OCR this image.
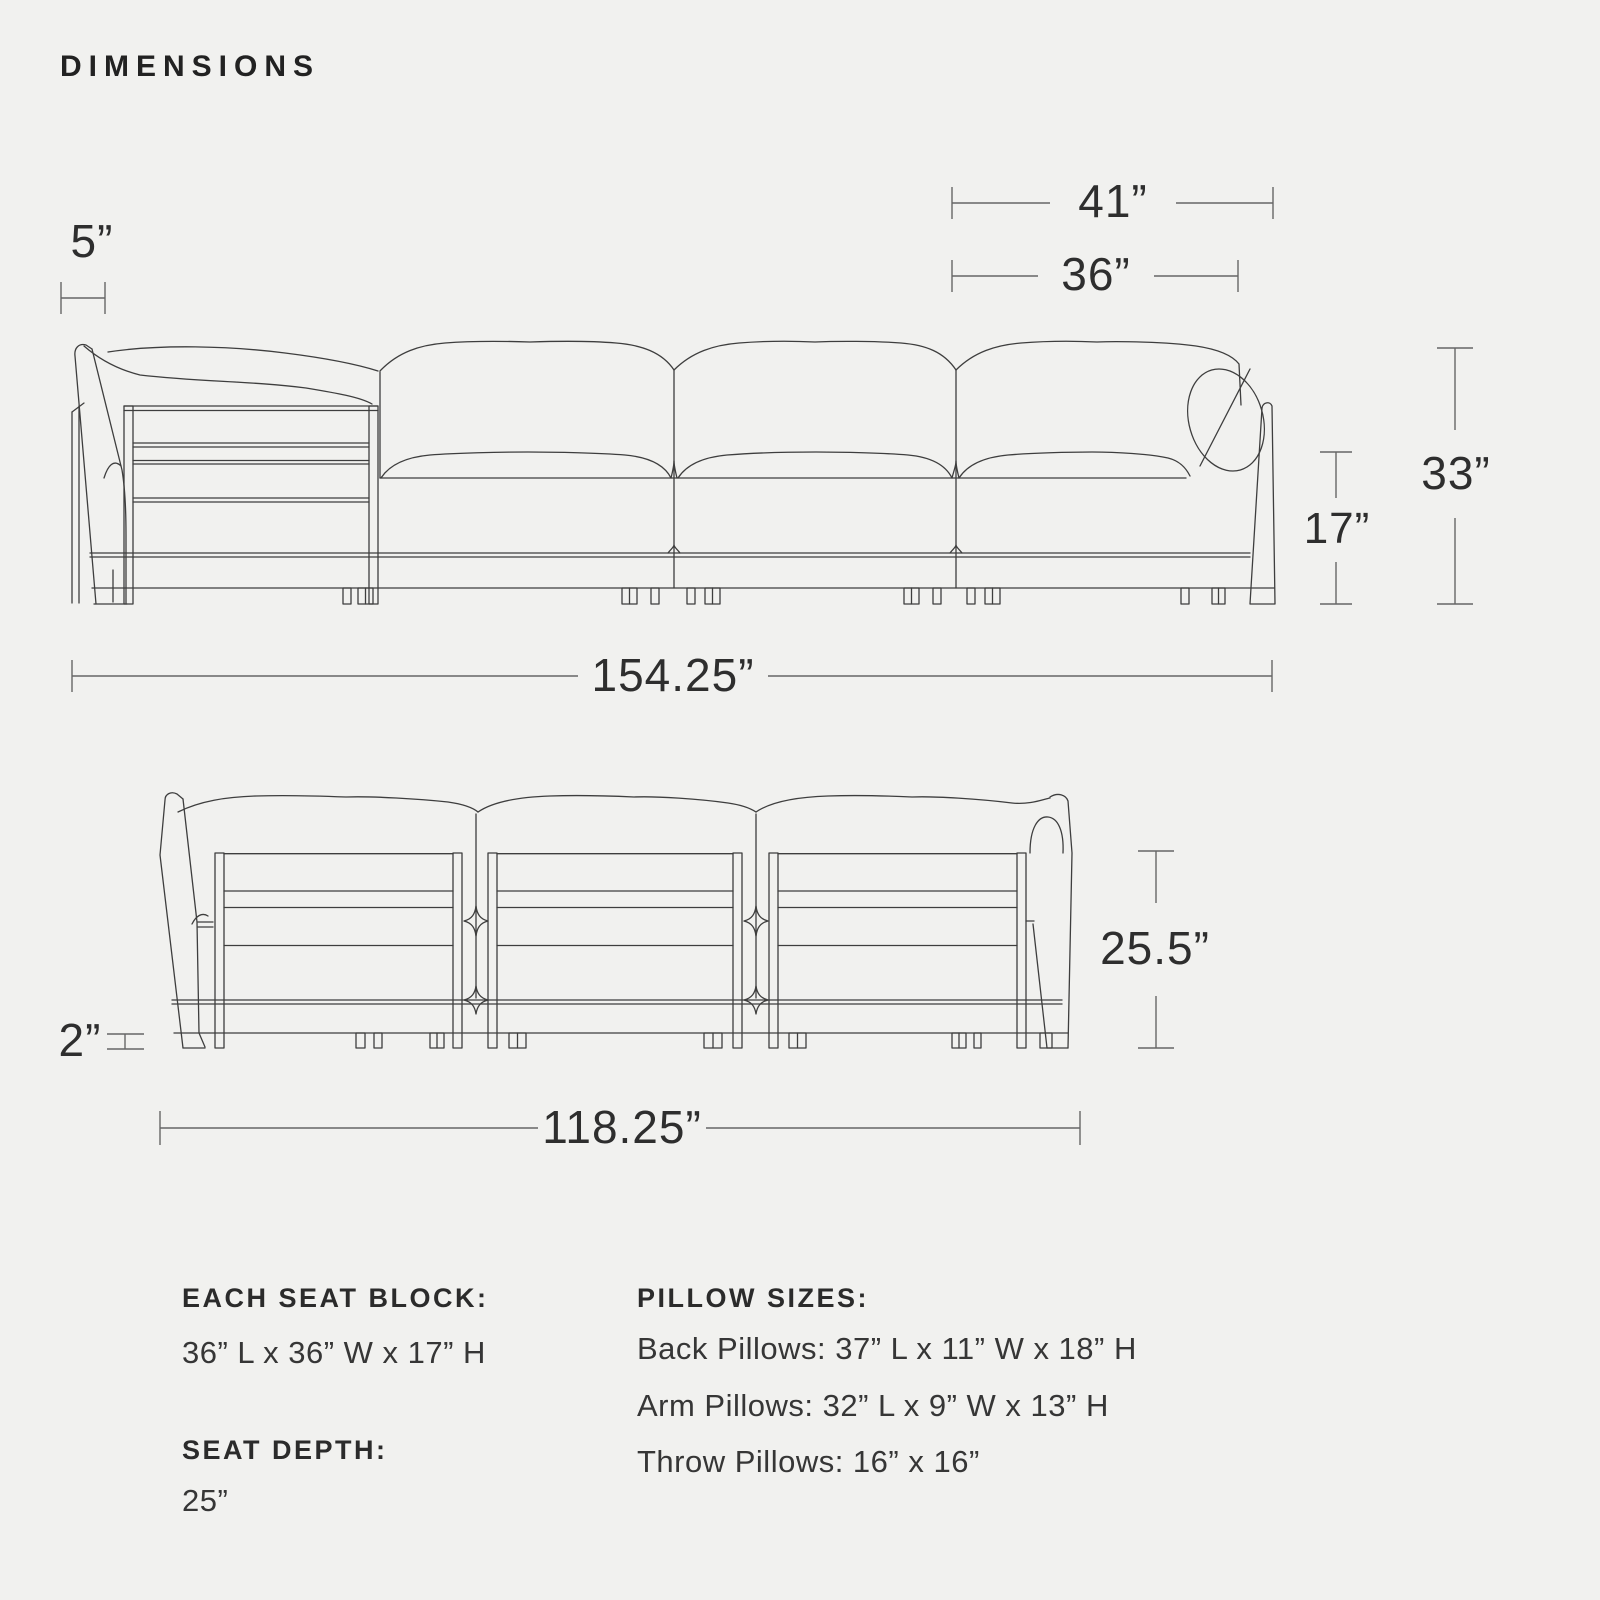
DIMENSIONS
5”
41”
36”
33”
17”
154.25”
2”
25.5”
118.25”
EACH SEAT BLOCK:
36” L x 36” W x 17” H
SEAT DEPTH:
25”
PILLOW SIZES:
Back Pillows: 37” L x 11” W x 18” H
Arm Pillows: 32” L x 9” W x 13” H
Throw Pillows: 16” x 16”
